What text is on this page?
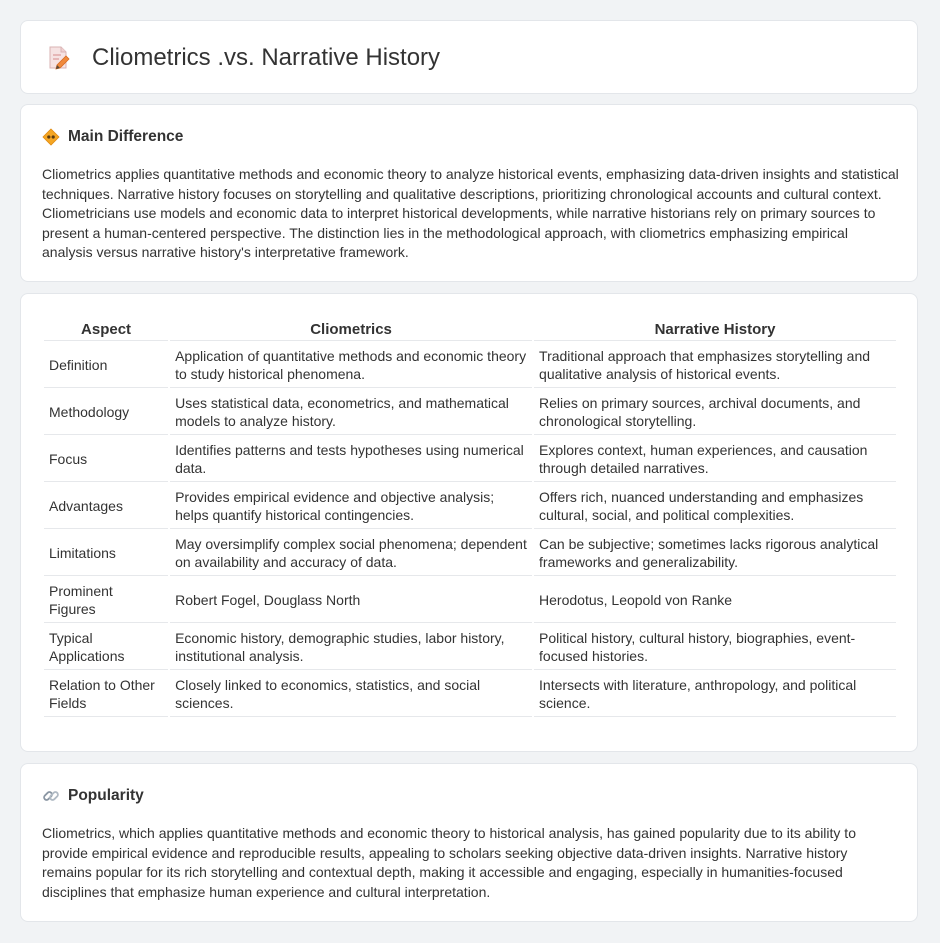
Cliometrics .vs. Narrative History
Main Difference

Cliometrics applies quantitative methods and economic theory to analyze historical events, emphasizing data-driven insights and statistical techniques. Narrative history focuses on storytelling and qualitative descriptions, prioritizing chronological accounts and cultural context. Cliometricians use models and economic data to interpret historical developments, while narrative historians rely on primary sources to present a human-centered perspective. The distinction lies in the methodological approach, with cliometrics emphasizing empirical analysis versus narrative history's interpretative framework.

Aspect	Cliometrics	Narrative History
Definition	Application of quantitative methods and economic theory to study historical phenomena.	Traditional approach that emphasizes storytelling and qualitative analysis of historical events.
Methodology	Uses statistical data, econometrics, and mathematical models to analyze history.	Relies on primary sources, archival documents, and chronological storytelling.
Focus	Identifies patterns and tests hypotheses using numerical data.	Explores context, human experiences, and causation through detailed narratives.
Advantages	Provides empirical evidence and objective analysis; helps quantify historical contingencies.	Offers rich, nuanced understanding and emphasizes cultural, social, and political complexities.
Limitations	May oversimplify complex social phenomena; dependent on availability and accuracy of data.	Can be subjective; sometimes lacks rigorous analytical frameworks and generalizability.
Prominent Figures	Robert Fogel, Douglass North	Herodotus, Leopold von Ranke
Typical Applications	Economic history, demographic studies, labor history, institutional analysis.	Political history, cultural history, biographies, event-focused histories.
Relation to Other Fields	Closely linked to economics, statistics, and social sciences.	Intersects with literature, anthropology, and political science.
Popularity

Cliometrics, which applies quantitative methods and economic theory to historical analysis, has gained popularity due to its ability to provide empirical evidence and reproducible results, appealing to scholars seeking objective data-driven insights. Narrative history remains popular for its rich storytelling and contextual depth, making it accessible and engaging, especially in humanities-focused disciplines that emphasize human experience and cultural interpretation.
